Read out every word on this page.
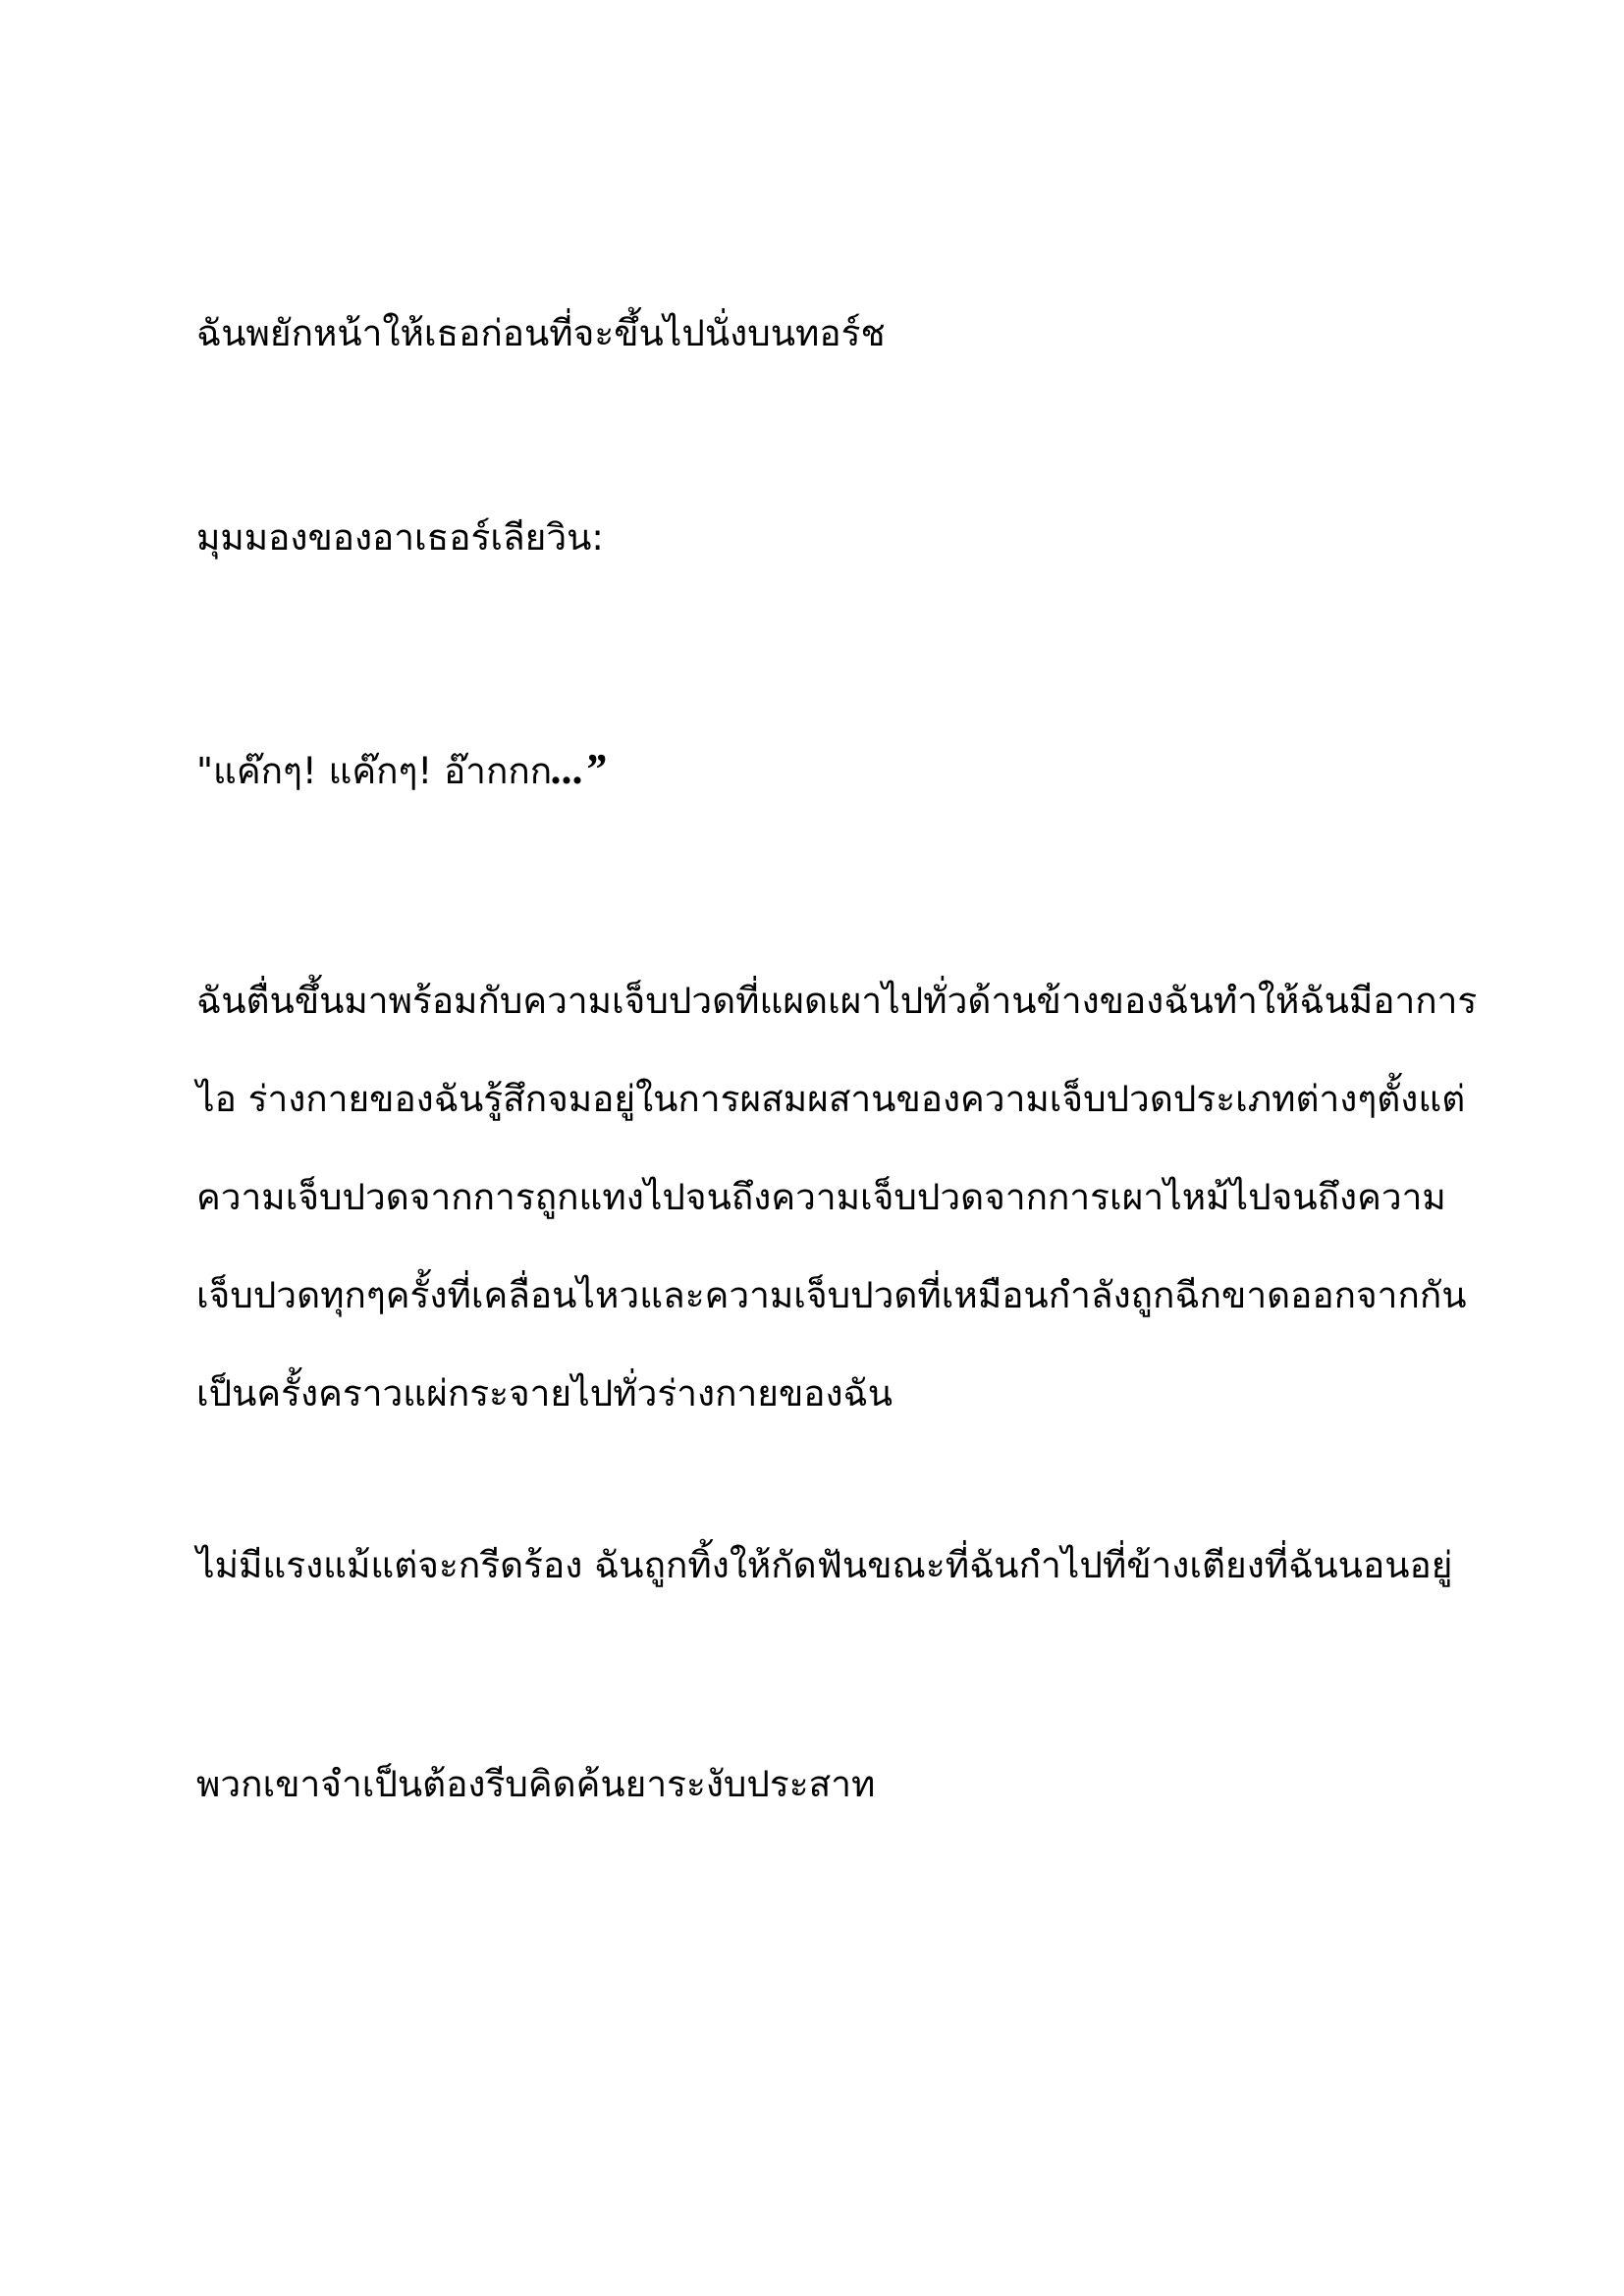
ฉันพยักหน้าให้เธอก่อนที่จะขึ้นไปนั่งบนทอร์ช

มุมมองของอาเธอร์เลียวิน:

"แค๊กๆ! แค๊กๆ! อ๊ากกก...”

ฉันตื่นขึ้นมาพร้อมกับความเจ็บปวดที่แผดเผาไปทั่วด้านข้างของฉันทำให้ฉันมีอาการ
ไอ ร่างกายของฉันรู้สึกจมอยู่ในการผสมผสานของความเจ็บปวดประเภทต่างๆตั้งแต่
ความเจ็บปวดจากการถูกแทงไปจนถึงความเจ็บปวดจากการเผาไหม้ไปจนถึงความ
เจ็บปวดทุกๆครั้งที่เคลื่อนไหวและความเจ็บปวดที่เหมือนกำลังถูกฉีกขาดออกจากกัน
เป็นครั้งคราวแผ่กระจายไปทั่วร่างกายของฉัน

ไม่มีแรงแม้แต่จะกรีดร้อง ฉันถูกทิ้งให้กัดฟันขณะที่ฉันกำไปที่ข้างเตียงที่ฉันนอนอยู่

พวกเขาจำเป็นต้องรีบคิดค้นยาระงับประสาท
